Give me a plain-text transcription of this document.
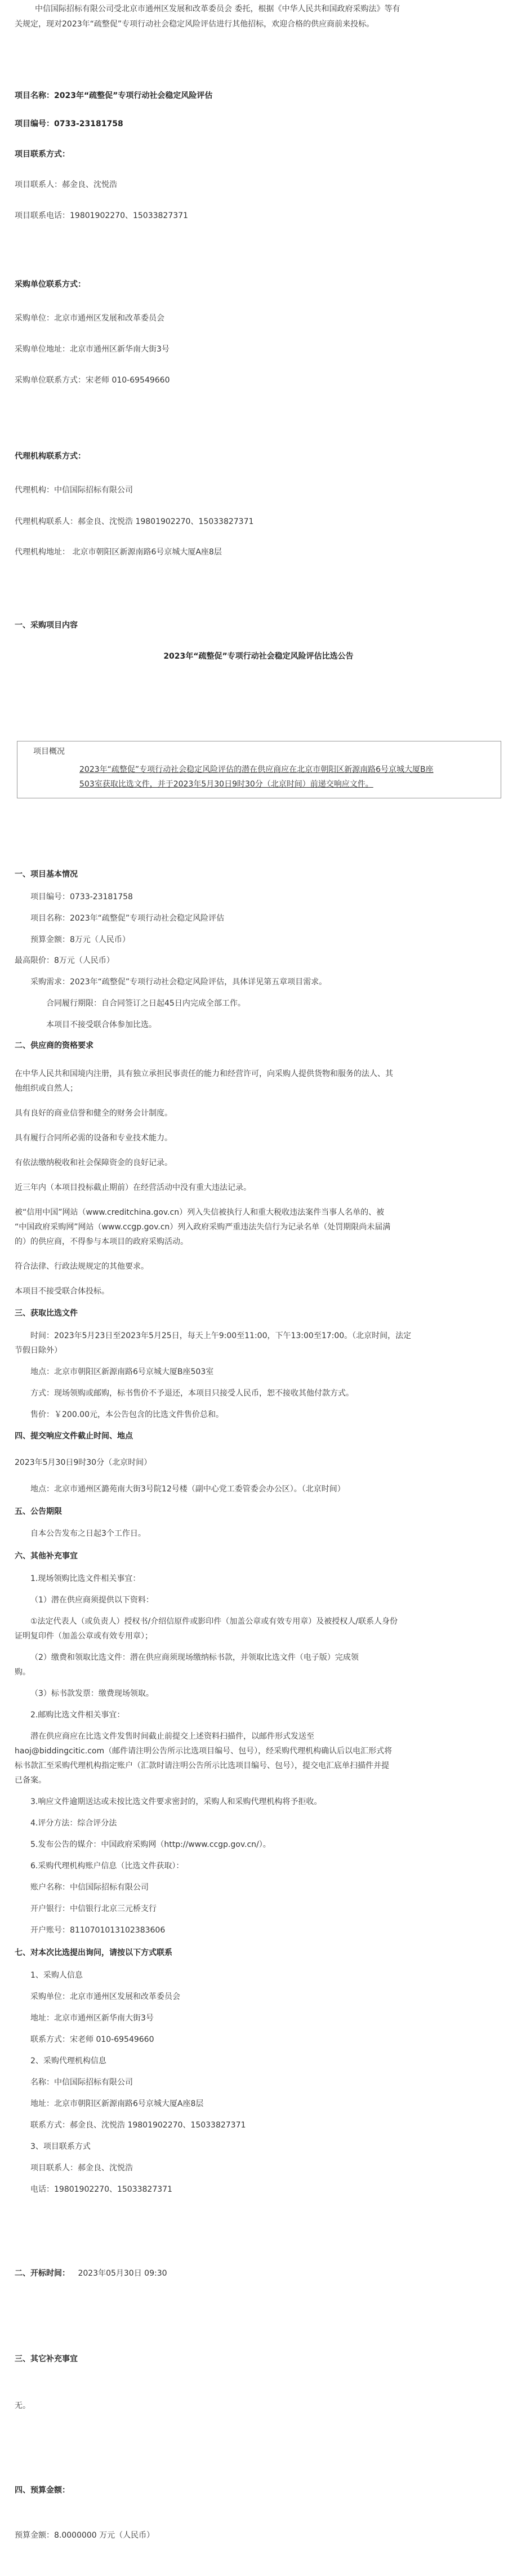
中信国际招标有限公司受北京市通州区发展和改革委员会 委托，根据《中华人民共和国政府采购法》等有
关规定，现对2023年“疏整促”专项行动社会稳定风险评估进行其他招标，欢迎合格的供应商前来投标。
项目名称：2023年“疏整促”专项行动社会稳定风险评估
项目编号：0733-23181758
项目联系方式：
项目联系人：郝金良、沈悦浩
项目联系电话：19801902270、15033827371
采购单位联系方式：
采购单位：北京市通州区发展和改革委员会
采购单位地址：北京市通州区新华南大街3号
采购单位联系方式：宋老师 010-69549660
代理机构联系方式：
代理机构：中信国际招标有限公司
代理机构联系人：郝金良、沈悦浩 19801902270、15033827371
代理机构地址： 北京市朝阳区新源南路6号京城大厦A座8层
一、采购项目内容
2023年“疏整促”专项行动社会稳定风险评估比选公告
项目概况
2023年“疏整促”专项行动社会稳定风险评估的潜在供应商应在北京市朝阳区新源南路6号京城大厦B座
503室获取比选文件，并于2023年5月30日9时30分（北京时间）前递交响应文件。
一、项目基本情况
项目编号：0733-23181758
项目名称：2023年“疏整促”专项行动社会稳定风险评估
预算金额：8万元（人民币）
最高限价：8万元（人民币）
采购需求：2023年“疏整促”专项行动社会稳定风险评估，具体详见第五章项目需求。
合同履行期限：自合同签订之日起45日内完成全部工作。
本项目不接受联合体参加比选。
二、供应商的资格要求
在中华人民共和国境内注册，具有独立承担民事责任的能力和经营许可，向采购人提供货物和服务的法人、其
他组织或自然人；
具有良好的商业信誉和健全的财务会计制度。
具有履行合同所必需的设备和专业技术能力。
有依法缴纳税收和社会保障资金的良好记录。
近三年内（本项目投标截止期前）在经营活动中没有重大违法记录。
被“信用中国”网站（www.creditchina.gov.cn）列入失信被执行人和重大税收违法案件当事人名单的、被
“中国政府采购网”网站（www.ccgp.gov.cn）列入政府采购严重违法失信行为记录名单（处罚期限尚未届满
的）的供应商，不得参与本项目的政府采购活动。
符合法律、行政法规规定的其他要求。
本项目不接受联合体投标。
三、获取比选文件
时间：2023年5月23日至2023年5月25日，每天上午9:00至11:00，下午13:00至17:00。（北京时间，法定
节假日除外）
地点：北京市朝阳区新源南路6号京城大厦B座503室
方式：现场领购或邮购，标书售价不予退还，本项目只接受人民币，恕不接收其他付款方式。
售价：￥200.00元，本公告包含的比选文件售价总和。
四、提交响应文件截止时间、地点
2023年5月30日9时30分（北京时间）
地点：北京市通州区潞苑南大街3号院12号楼（副中心党工委管委会办公区）。（北京时间）
五、公告期限
自本公告发布之日起3个工作日。
六、其他补充事宜
1.现场领购比选文件相关事宜：
（1）潜在供应商须提供以下资料：
①法定代表人（或负责人）授权书/介绍信原件或影印件（加盖公章或有效专用章）及被授权人/联系人身份
证明复印件（加盖公章或有效专用章）；
（2）缴费和领取比选文件：潜在供应商须现场缴纳标书款，并领取比选文件（电子版）完成领
购。
（3）标书款发票：缴费现场领取。
2.邮购比选文件相关事宜：
潜在供应商应在比选文件发售时间截止前提交上述资料扫描件，以邮件形式发送至
haoj@biddingcitic.com（邮件请注明公告所示比选项目编号、包号），经采购代理机构确认后以电汇形式将
标书款汇至采购代理机构指定账户（汇款时请注明公告所示比选项目编号、包号），提交电汇底单扫描件并提
已备案。
3.响应文件逾期送达或未按比选文件要求密封的，采购人和采购代理机构将予拒收。
4.评分方法：综合评分法
5.发布公告的媒介：中国政府采购网（http://www.ccgp.gov.cn/）。
6.采购代理机构账户信息（比选文件获取）：
账户名称：中信国际招标有限公司
开户银行：中信银行北京三元桥支行
开户账号：8110701013102383606
七、对本次比选提出询问，请按以下方式联系
1、采购人信息
采购单位：北京市通州区发展和改革委员会
地址：北京市通州区新华南大街3号
联系方式：宋老师 010-69549660
2、采购代理机构信息
名称：中信国际招标有限公司
地址：北京市朝阳区新源南路6号京城大厦A座8层
联系方式：郝金良、沈悦浩 19801902270、15033827371
3、项目联系方式
项目联系人：郝金良、沈悦浩
电话：19801902270、15033827371
二、开标时间： 2023年05月30日 09:30
三、其它补充事宜
无。
四、预算金额：
预算金额：8.0000000 万元（人民币）
